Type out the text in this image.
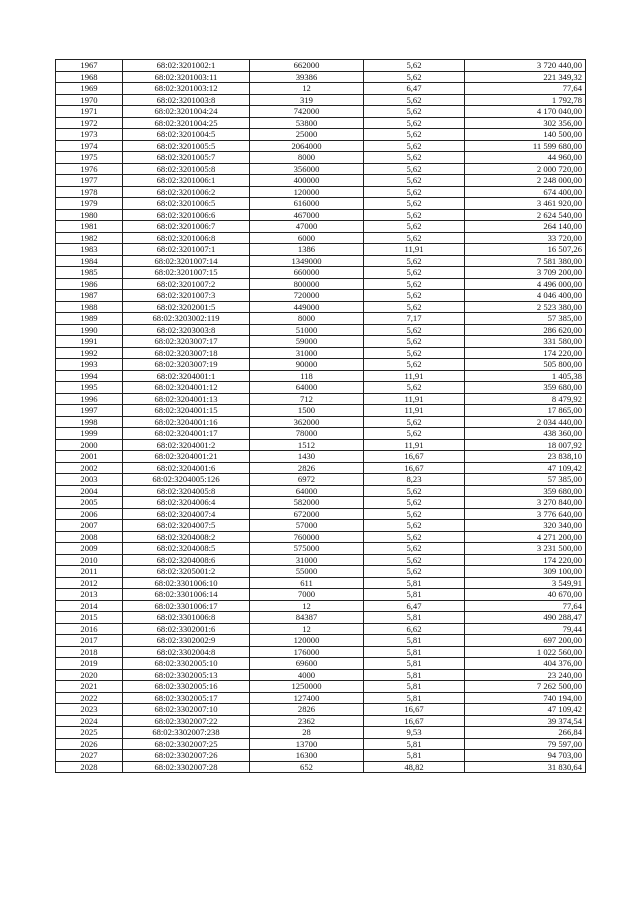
1967	68:02:3201002:1	662000	5,62	3 720 440,00
1968	68:02:3201003:11	39386	5,62	221 349,32
1969	68:02:3201003:12	12	6,47	77,64
1970	68:02:3201003:8	319	5,62	1 792,78
1971	68:02:3201004:24	742000	5,62	4 170 040,00
1972	68:02:3201004:25	53800	5,62	302 356,00
1973	68:02:3201004:5	25000	5,62	140 500,00
1974	68:02:3201005:5	2064000	5,62	11 599 680,00
1975	68:02:3201005:7	8000	5,62	44 960,00
1976	68:02:3201005:8	356000	5,62	2 000 720,00
1977	68:02:3201006:1	400000	5,62	2 248 000,00
1978	68:02:3201006:2	120000	5,62	674 400,00
1979	68:02:3201006:5	616000	5,62	3 461 920,00
1980	68:02:3201006:6	467000	5,62	2 624 540,00
1981	68:02:3201006:7	47000	5,62	264 140,00
1982	68:02:3201006:8	6000	5,62	33 720,00
1983	68:02:3201007:1	1386	11,91	16 507,26
1984	68:02:3201007:14	1349000	5,62	7 581 380,00
1985	68:02:3201007:15	660000	5,62	3 709 200,00
1986	68:02:3201007:2	800000	5,62	4 496 000,00
1987	68:02:3201007:3	720000	5,62	4 046 400,00
1988	68:02:3202001:5	449000	5,62	2 523 380,00
1989	68:02:3203002:119	8000	7,17	57 385,00
1990	68:02:3203003:8	51000	5,62	286 620,00
1991	68:02:3203007:17	59000	5,62	331 580,00
1992	68:02:3203007:18	31000	5,62	174 220,00
1993	68:02:3203007:19	90000	5,62	505 800,00
1994	68:02:3204001:1	118	11,91	1 405,38
1995	68:02:3204001:12	64000	5,62	359 680,00
1996	68:02:3204001:13	712	11,91	8 479,92
1997	68:02:3204001:15	1500	11,91	17 865,00
1998	68:02:3204001:16	362000	5,62	2 034 440,00
1999	68:02:3204001:17	78000	5,62	438 360,00
2000	68:02:3204001:2	1512	11,91	18 007,92
2001	68:02:3204001:21	1430	16,67	23 838,10
2002	68:02:3204001:6	2826	16,67	47 109,42
2003	68:02:3204005:126	6972	8,23	57 385,00
2004	68:02:3204005:8	64000	5,62	359 680,00
2005	68:02:3204006:4	582000	5,62	3 270 840,00
2006	68:02:3204007:4	672000	5,62	3 776 640,00
2007	68:02:3204007:5	57000	5,62	320 340,00
2008	68:02:3204008:2	760000	5,62	4 271 200,00
2009	68:02:3204008:5	575000	5,62	3 231 500,00
2010	68:02:3204008:6	31000	5,62	174 220,00
2011	68:02:3205001:2	55000	5,62	309 100,00
2012	68:02:3301006:10	611	5,81	3 549,91
2013	68:02:3301006:14	7000	5,81	40 670,00
2014	68:02:3301006:17	12	6,47	77,64
2015	68:02:3301006:8	84387	5,81	490 288,47
2016	68:02:3302001:6	12	6,62	79,44
2017	68:02:3302002:9	120000	5,81	697 200,00
2018	68:02:3302004:8	176000	5,81	1 022 560,00
2019	68:02:3302005:10	69600	5,81	404 376,00
2020	68:02:3302005:13	4000	5,81	23 240,00
2021	68:02:3302005:16	1250000	5,81	7 262 500,00
2022	68:02:3302005:17	127400	5,81	740 194,00
2023	68:02:3302007:10	2826	16,67	47 109,42
2024	68:02:3302007:22	2362	16,67	39 374,54
2025	68:02:3302007:238	28	9,53	266,84
2026	68:02:3302007:25	13700	5,81	79 597,00
2027	68:02:3302007:26	16300	5,81	94 703,00
2028	68:02:3302007:28	652	48,82	31 830,64
